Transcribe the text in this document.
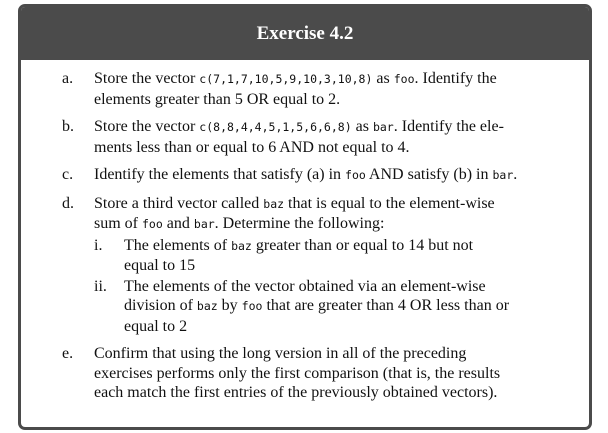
Exercise 4.2
a. Store the vector c(7,1,7,10,5,9,10,3,10,8) as foo. Identify the
elements greater than 5 OR equal to 2.
b. Store the vector c(8,8,4,4,5,1,5,6,6,8) as bar. Identify the ele-
ments less than or equal to 6 AND not equal to 4.
c. Identify the elements that satisfy (a) in foo AND satisfy (b) in bar.
d. Store a third vector called baz that is equal to the element-wise
sum of foo and bar. Determine the following:
i. The elements of baz greater than or equal to 14 but not
equal to 15
ii. The elements of the vector obtained via an element-wise
division of baz by foo that are greater than 4 OR less than or
equal to 2
e. Confirm that using the long version in all of the preceding
exercises performs only the first comparison (that is, the results
each match the first entries of the previously obtained vectors).
